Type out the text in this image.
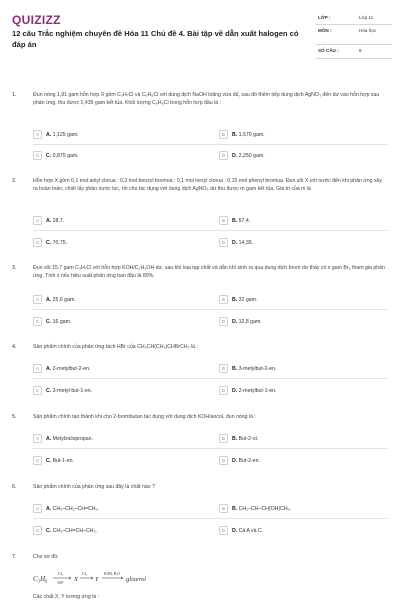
QUIZIZZ
12 câu Trắc nghiệm chuyên đề Hóa 11 Chủ đề 4. Bài tập về dẫn xuất halogen có đáp án
LỚP :	Lớp 11
MÔN :	Hóa học
SỐ CÂU :	8
1.	Đun nóng 1,91 gam hỗn hợp X gồm C₃H₇Cl và C₆H₅Cl với dung dịch NaOH loãng vừa đủ, sau đó thêm tiếp dung dịch AgNO₃ đến dư vào hỗn hợp sau phản ứng, thu được 1,435 gam kết tủa. Khối lượng C₆H₅Cl trong hỗn hợp đầu là :
A	A. 1,125 gam.	B	B. 1,570 gam.
C	C. 0,875 gam.	D	D. 2,250 gam.
2.	Hỗn hợp X gồm 0,1 mol anlyl clorua ; 0,3 mol benzyl bromua ; 0,1 mol hexyl clorua ; 0,15 mol phenyl bromua. Đun sôi X với nước đến khi phản ứng xảy ra hoàn toàn, chiết lấy phần nước lọc, rồi cho tác dụng với dung dịch AgNO₃ dư thu được m gam kết tủa. Giá trị của m là
A	A. 28,7.	B	B. 57,4.
C	C. 70,75.	D	D. 14,35.
3.	Đun sôi 15,7 gam C₃H₇Cl với hỗn hợp KOH/C₂H₅OH dư, sau khi loại tạp chất và dẫn khí sinh ra qua dung dịch brom dư thấy có x gam Br₂ tham gia phản ứng. Tính x nếu hiệu suất phản ứng ban đầu là 80%.
A	A. 25,6 gam.	B	B. 32 gam.
C	C. 16 gam.	D	D. 12,8 gam.
4.	Sản phẩm chính của phản ứng tách HBr của CH₃CH(CH₃)CHBrCH₃ là :
A	A. 2-metylbut-2-en.	B	B. 3-metylbut-2-en.
C	C. 3-metyl-but-1-en.	D	D. 2-metylbut-1-en.
5.	Sản phẩm chính tạo thành khi cho 2-brombutan tác dụng với dung dịch KOH/ancol, đun nóng là :
A	A. Metylxiclopropan.	B	B. But-2-ol.
C	C. But-1-en.	D	D. But-2-en.
6.	Sản phẩm chính của phản ứng sau đây là chất nào ?
A	A. CH₃–CH₂–CH=CH₂.	B	B. CH₂–CH–CH(OH)CH₃.
C	C. CH₃–CH=CH–CH₃.	D	D. Cả A và C.
7.	Cho sơ đồ:
Các chất X, Y tương ứng là :
C₃H₆
Cl₂
500° X
Cl₂
Y
KOH, H₂O
glixerol
